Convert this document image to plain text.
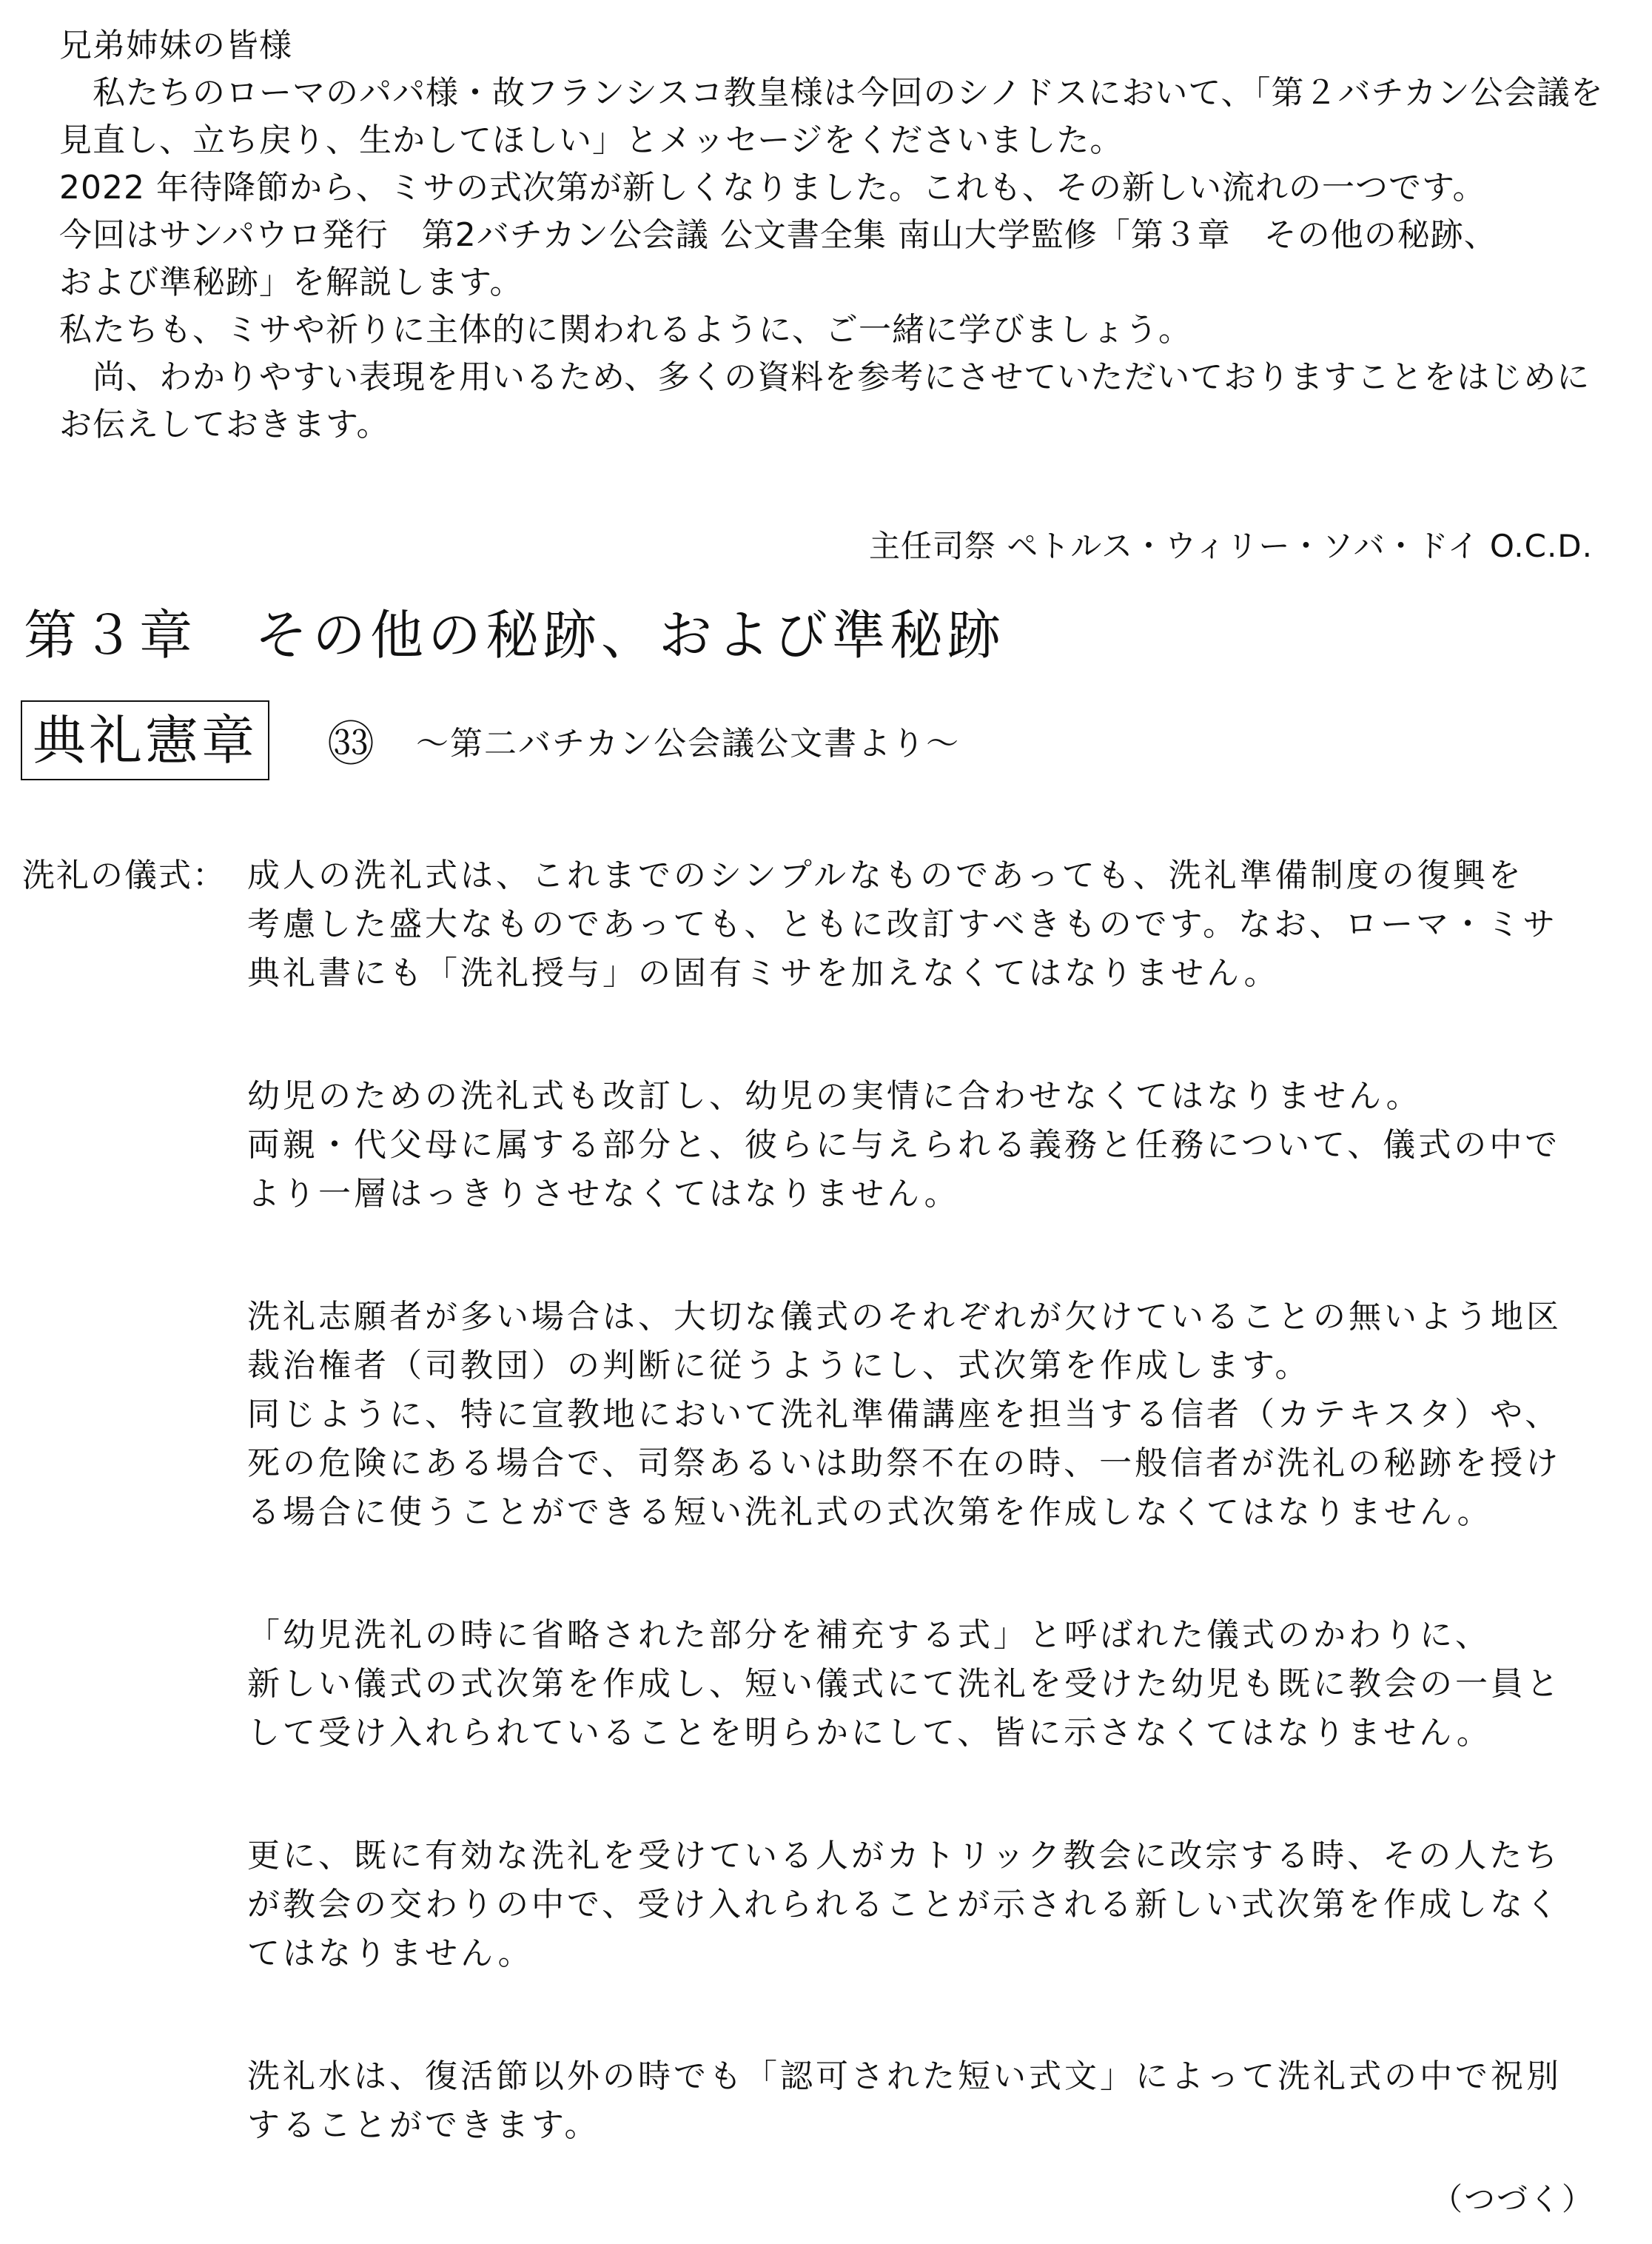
兄弟姉妹の皆様

　私たちのローマのパパ様・故フランシスコ教皇様は今回のシノドスにおいて、「第２バチカン公会議を

見直し、立ち戻り、生かしてほしい」とメッセージをくださいました。

2022 年待降節から、ミサの式次第が新しくなりました。これも、その新しい流れの一つです。

今回はサンパウロ発行　第2バチカン公会議 公文書全集 南山大学監修「第３章　その他の秘跡、

および準秘跡」を解説します。

私たちも、ミサや祈りに主体的に関われるように、ご一緒に学びましょう。

　尚、わかりやすい表現を用いるため、多くの資料を参考にさせていただいておりますことをはじめに

お伝えしておきます。

主任司祭 ペトルス・ウィリー・ソバ・ドイ O.C.D.
第３章　その他の秘跡、および準秘跡
典礼憲章 ㉝ ～第二バチカン公会議公文書より～
洗礼の儀式： 成人の洗礼式は、これまでのシンプルなものであっても、洗礼準備制度の復興を
考慮した盛大なものであっても、ともに改訂すべきものです。なお、ローマ・ミサ
典礼書にも「洗礼授与」の固有ミサを加えなくてはなりません。
幼児のための洗礼式も改訂し、幼児の実情に合わせなくてはなりません。
両親・代父母に属する部分と、彼らに与えられる義務と任務について、儀式の中で
より一層はっきりさせなくてはなりません。
洗礼志願者が多い場合は、大切な儀式のそれぞれが欠けていることの無いよう地区
裁治権者（司教団）の判断に従うようにし、式次第を作成します。
同じように、特に宣教地において洗礼準備講座を担当する信者（カテキスタ）や、
死の危険にある場合で、司祭あるいは助祭不在の時、一般信者が洗礼の秘跡を授け
る場合に使うことができる短い洗礼式の式次第を作成しなくてはなりません。
「幼児洗礼の時に省略された部分を補充する式」と呼ばれた儀式のかわりに、
新しい儀式の式次第を作成し、短い儀式にて洗礼を受けた幼児も既に教会の一員と
して受け入れられていることを明らかにして、皆に示さなくてはなりません。
更に、既に有効な洗礼を受けている人がカトリック教会に改宗する時、その人たち
が教会の交わりの中で、受け入れられることが示される新しい式次第を作成しなく
てはなりません。
洗礼水は、復活節以外の時でも「認可された短い式文」によって洗礼式の中で祝別
することができます。
（つづく）
